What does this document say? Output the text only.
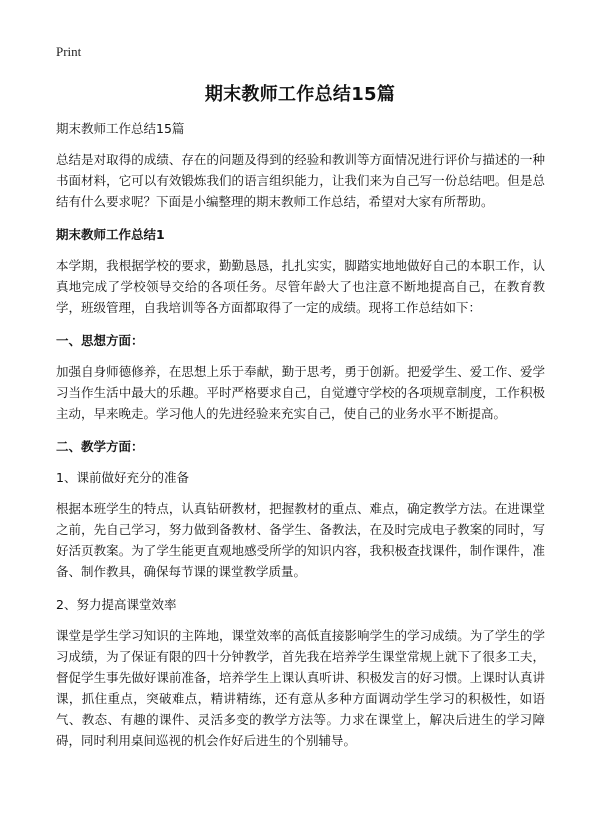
Print
期末教师工作总结15篇

期末教师工作总结15篇

总结是对取得的成绩、存在的问题及得到的经验和教训等方面情况进行评价与描述的一种书面材料，它可以有效锻炼我们的语言组织能力，让我们来为自己写一份总结吧。但是总结有什么要求呢？下面是小编整理的期末教师工作总结，希望对大家有所帮助。

期末教师工作总结1

本学期，我根据学校的要求，勤勤恳恳，扎扎实实，脚踏实地地做好自己的本职工作，认真地完成了学校领导交给的各项任务。尽管年龄大了也注意不断地提高自己，在教育教学，班级管理，自我培训等各方面都取得了一定的成绩。现将工作总结如下：

一、思想方面：

加强自身师德修养，在思想上乐于奉献，勤于思考，勇于创新。把爱学生、爱工作、爱学习当作生活中最大的乐趣。平时严格要求自己，自觉遵守学校的各项规章制度，工作积极主动，早来晚走。学习他人的先进经验来充实自己，使自己的业务水平不断提高。

二、教学方面：

1、课前做好充分的准备

根据本班学生的特点，认真钻研教材，把握教材的重点、难点，确定教学方法。在进课堂之前，先自己学习，努力做到备教材、备学生、备教法，在及时完成电子教案的同时，写好活页教案。为了学生能更直观地感受所学的知识内容，我积极查找课件，制作课件，准备、制作教具，确保每节课的课堂教学质量。

2、努力提高课堂效率

课堂是学生学习知识的主阵地，课堂效率的高低直接影响学生的学习成绩。为了学生的学习成绩，为了保证有限的四十分钟教学，首先我在培养学生课堂常规上就下了很多工夫，督促学生事先做好课前准备，培养学生上课认真听讲、积极发言的好习惯。上课时认真讲课，抓住重点，突破难点，精讲精练，还有意从多种方面调动学生学习的积极性，如语气、教态、有趣的课件、灵活多变的教学方法等。力求在课堂上，解决后进生的学习障碍，同时利用桌间巡视的机会作好后进生的个别辅导。
